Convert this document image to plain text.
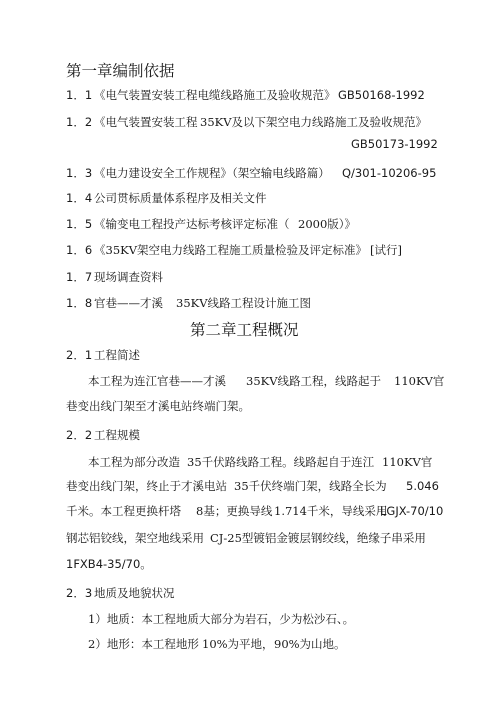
第一章编制依据
1．1 《电气装置安装工程电缆线路施工及验收规范》 GB50168-1992
1．2 《电气装置安装工程 35KV及以下架空电力线路施工及验收规范》
GB50173-1992
1．3 《电力建设安全工作规程》（架空输电线路篇） Q/301-10206-95
1．4 公司贯标质量体系程序及相关文件
1．5 《输变电工程投产达标考核评定标准（ 2000版）》
1．6 《35KV架空电力线路工程施工质量检验及评定标准》 [试行]
1．7 现场调查资料
1．8 官巷——才溪 35KV线路工程设计施工图
第二章工程概况
2．1 工程简述
本工程为连江官巷——才溪 35KV线路工程，线路起于 110KV官
巷变出线门架至才溪电站终端门架。
2．2 工程规模
本工程为部分改造 35千伏路线路工程。线路起自于连江 110KV官
巷变出线门架，终止于才溪电站 35千伏终端门架，线路全长为 5.046
千米。本工程更换杆塔 8基；更换导线 1.714千米，导线采用
LGJX-70/10
钢芯铝铰线，架空地线采用 CJ-25型镀铝金镀层钢绞线，绝缘子串采用
1FXB4-35/70。
2．3 地质及地貌状况
1）地质：本工程地质大部分为岩石，少为松沙石、。
2）地形：本工程地形 10%为平地， 90%为山地。
